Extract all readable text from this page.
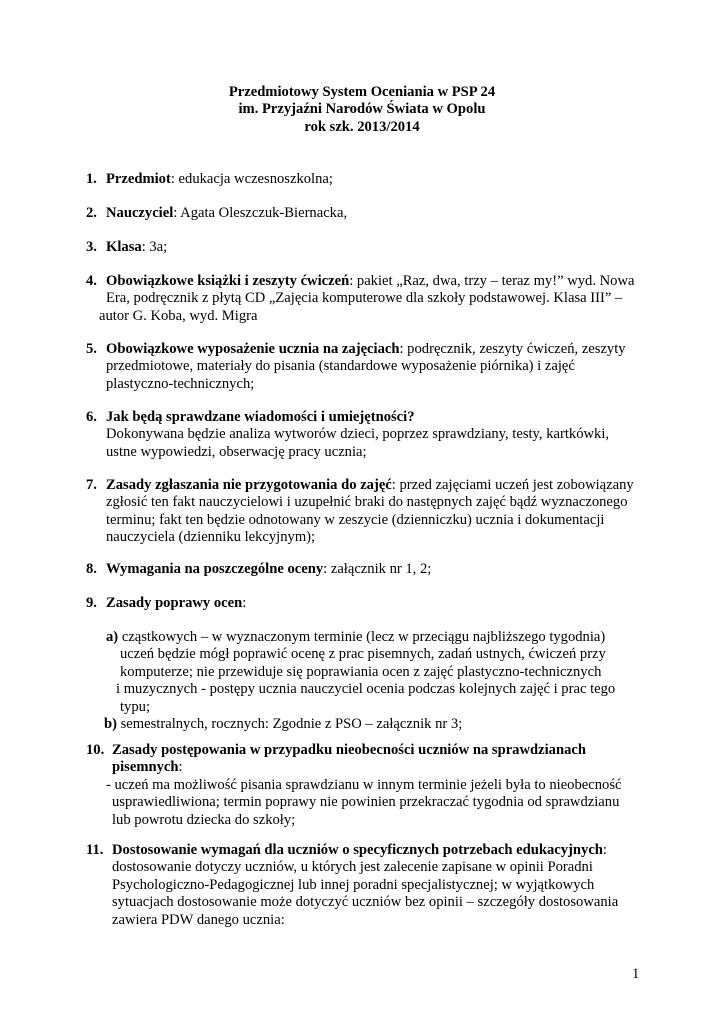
Przedmiotowy System Oceniania w PSP 24
im. Przyjaźni Narodów Świata w Opolu
rok szk. 2013/2014
1. Przedmiot: edukacja wczesnoszkolna;
2. Nauczyciel: Agata Oleszczuk-Biernacka,
3. Klasa: 3a;
4. Obowiązkowe książki i zeszyty ćwiczeń: pakiet „Raz, dwa, trzy – teraz my!” wyd. Nowa
Era, podręcznik z płytą CD „Zajęcia komputerowe dla szkoły podstawowej. Klasa III” –
autor G. Koba, wyd. Migra
5. Obowiązkowe wyposażenie ucznia na zajęciach: podręcznik, zeszyty ćwiczeń, zeszyty
przedmiotowe, materiały do pisania (standardowe wyposażenie piórnika) i zajęć
plastyczno-technicznych;
6. Jak będą sprawdzane wiadomości i umiejętności?
Dokonywana będzie analiza wytworów dzieci, poprzez sprawdziany, testy, kartkówki,
ustne wypowiedzi, obserwację pracy ucznia;
7. Zasady zgłaszania nie przygotowania do zajęć: przed zajęciami uczeń jest zobowiązany
zgłosić ten fakt nauczycielowi i uzupełnić braki do następnych zajęć bądź wyznaczonego
terminu; fakt ten będzie odnotowany w zeszycie (dzienniczku) ucznia i dokumentacji
nauczyciela (dzienniku lekcyjnym);
8. Wymagania na poszczególne oceny: załącznik nr 1, 2;
9. Zasady poprawy ocen:
a) cząstkowych – w wyznaczonym terminie (lecz w przeciągu najbliższego tygodnia)
uczeń będzie mógł poprawić ocenę z prac pisemnych, zadań ustnych, ćwiczeń przy
komputerze; nie przewiduje się poprawiania ocen z zajęć plastyczno-technicznych
i muzycznych - postępy ucznia nauczyciel ocenia podczas kolejnych zajęć i prac tego
typu;
b) semestralnych, rocznych: Zgodnie z PSO – załącznik nr 3;
10. Zasady postępowania w przypadku nieobecności uczniów na sprawdzianach
pisemnych:
- uczeń ma możliwość pisania sprawdzianu w innym terminie jeżeli była to nieobecność
usprawiedliwiona; termin poprawy nie powinien przekraczać tygodnia od sprawdzianu
lub powrotu dziecka do szkoły;
11. Dostosowanie wymagań dla uczniów o specyficznych potrzebach edukacyjnych:
dostosowanie dotyczy uczniów, u których jest zalecenie zapisane w opinii Poradni
Psychologiczno-Pedagogicznej lub innej poradni specjalistycznej; w wyjątkowych
sytuacjach dostosowanie może dotyczyć uczniów bez opinii – szczegóły dostosowania
zawiera PDW danego ucznia:
1
